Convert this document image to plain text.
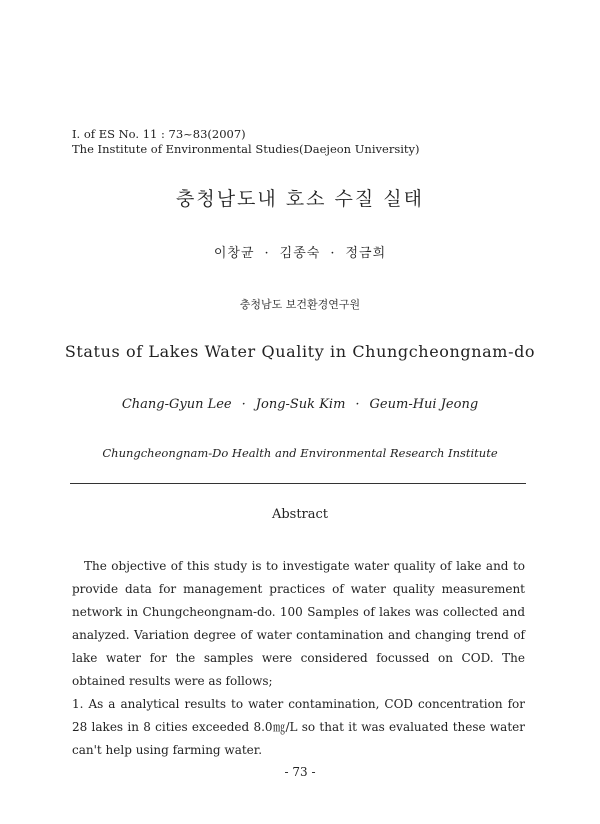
Ⅰ. of ES No. 11 : 73~83(2007)
The Institute of Environmental Studies(Daejeon University)
충청남도내 호소 수질 실태
이창균 · 김종숙 · 정금희
충청남도 보건환경연구원
Status of Lakes Water Quality in Chungcheongnam-do
Chang-Gyun Lee · Jong-Suk Kim · Geum-Hui Jeong
Chungcheongnam-Do Health and Environmental Research Institute
Abstract

The objective of this study is to investigate water quality of lake and to provide data for management practices of water quality measurement network in Chungcheongnam-do. 100 Samples of lakes was collected and analyzed. Variation degree of water contamination and changing trend of lake water for the samples were considered focussed on COD. The obtained results were as follows;

1. As a analytical results to water contamination, COD concentration for 28 lakes in 8 cities exceeded 8.0㎎/L so that it was evaluated these water can't help using farming water.

- 73 -
